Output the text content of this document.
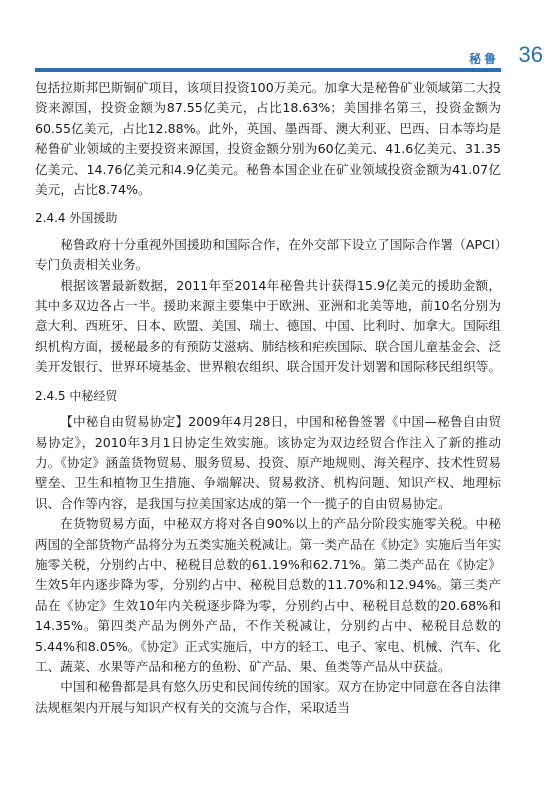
秘鲁 36

包括拉斯邦巴斯铜矿项目，该项目投资100万美元。加拿大是秘鲁矿业领域第二大投资来源国，投资金额为87.55亿美元，占比18.63%；美国排名第三，投资金额为60.55亿美元，占比12.88%。此外，英国、墨西哥、澳大利亚、巴西、日本等均是秘鲁矿业领域的主要投资来源国，投资金额分别为60亿美元、41.6亿美元、31.35亿美元、14.76亿美元和4.9亿美元。秘鲁本国企业在矿业领域投资金额为41.07亿美元，占比8.74%。

2.4.4 外国援助

秘鲁政府十分重视外国援助和国际合作，在外交部下设立了国际合作署（APCI）专门负责相关业务。

根据该署最新数据，2011年至2014年秘鲁共计获得15.9亿美元的援助金额，其中多双边各占一半。援助来源主要集中于欧洲、亚洲和北美等地，前10名分别为意大利、西班牙、日本、欧盟、美国、瑞士、德国、中国、比利时、加拿大。国际组织机构方面，援秘最多的有预防艾滋病、肺结核和疟疾国际、联合国儿童基金会、泛美开发银行、世界环境基金、世界粮农组织、联合国开发计划署和国际移民组织等。

2.4.5 中秘经贸

【中秘自由贸易协定】2009年4月28日，中国和秘鲁签署《中国—秘鲁自由贸易协定》，2010年3月1日协定生效实施。该协定为双边经贸合作注入了新的推动力。《协定》涵盖货物贸易、服务贸易、投资、原产地规则、海关程序、技术性贸易壁垒、卫生和植物卫生措施、争端解决、贸易救济、机构问题、知识产权、地理标识、合作等内容，是我国与拉美国家达成的第一个一揽子的自由贸易协定。

在货物贸易方面，中秘双方将对各自90%以上的产品分阶段实施零关税。中秘两国的全部货物产品将分为五类实施关税减让。第一类产品在《协定》实施后当年实施零关税，分别约占中、秘税目总数的61.19%和62.71%。第二类产品在《协定》生效5年内逐步降为零，分别约占中、秘税目总数的11.70%和12.94%。第三类产品在《协定》生效10年内关税逐步降为零，分别约占中、秘税目总数的20.68%和14.35%。第四类产品为例外产品，不作关税减让，分别约占中、秘税目总数的5.44%和8.05%。《协定》正式实施后，中方的轻工、电子、家电、机械、汽车、化工、蔬菜、水果等产品和秘方的鱼粉、矿产品、果、鱼类等产品从中获益。

中国和秘鲁都是具有悠久历史和民间传统的国家。双方在协定中同意在各自法律法规框架内开展与知识产权有关的交流与合作，采取适当
